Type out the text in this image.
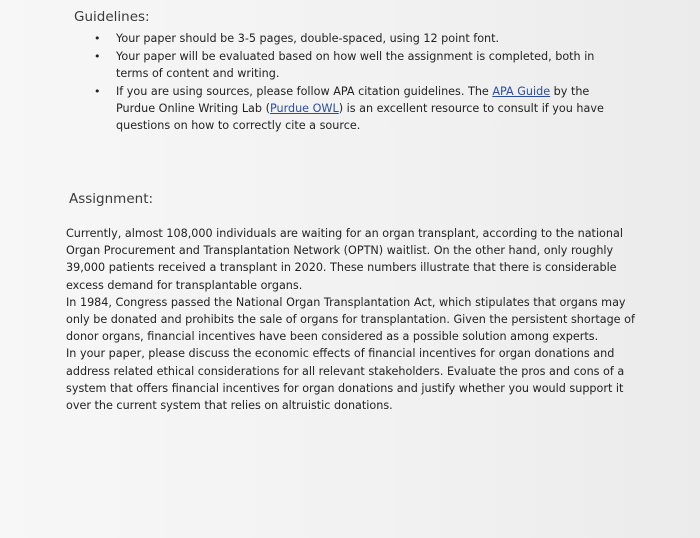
Guidelines:
• Your paper should be 3-5 pages, double-spaced, using 12 point font.
• Your paper will be evaluated based on how well the assignment is completed, both in terms of content and writing.
• If you are using sources, please follow APA citation guidelines. The APA Guide by the Purdue Online Writing Lab (Purdue OWL) is an excellent resource to consult if you have questions on how to correctly cite a source.
Assignment:

Currently, almost 108,000 individuals are waiting for an organ transplant, according to the national Organ Procurement and Transplantation Network (OPTN) waitlist. On the other hand, only roughly 39,000 patients received a transplant in 2020. These numbers illustrate that there is considerable excess demand for transplantable organs.

In 1984, Congress passed the National Organ Transplantation Act, which stipulates that organs may only be donated and prohibits the sale of organs for transplantation. Given the persistent shortage of donor organs, financial incentives have been considered as a possible solution among experts.

In your paper, please discuss the economic effects of financial incentives for organ donations and address related ethical considerations for all relevant stakeholders. Evaluate the pros and cons of a system that offers financial incentives for organ donations and justify whether you would support it over the current system that relies on altruistic donations.
